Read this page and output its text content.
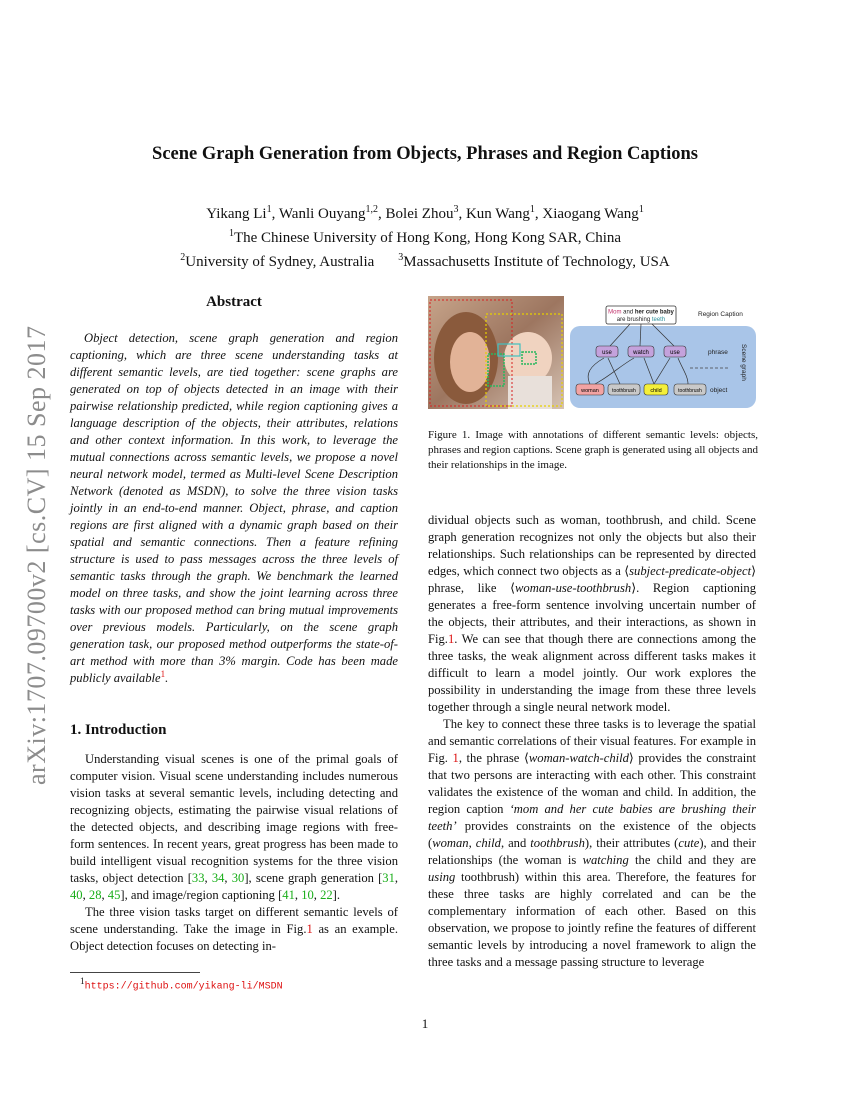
arXiv:1707.09700v2 [cs.CV] 15 Sep 2017
Scene Graph Generation from Objects, Phrases and Region Captions
Yikang Li$^1$, Wanli Ouyang$^{1,2}$, Bolei Zhou$^3$, Kun Wang$^1$, Xiaogang Wang$^1$
$^1$The Chinese University of Hong Kong, Hong Kong SAR, China
$^2$University of Sydney, Australia $^3$Massachusetts Institute of Technology, USA
Abstract

Object detection, scene graph generation and region captioning, which are three scene understanding tasks at different semantic levels, are tied together: scene graphs are generated on top of objects detected in an image with their pairwise relationship predicted, while region captioning gives a language description of the objects, their attributes, relations and other context information. In this work, to leverage the mutual connections across semantic levels, we propose a novel neural network model, termed as Multi-level Scene Description Network (denoted as MSDN), to solve the three vision tasks jointly in an end-to-end manner. Object, phrase, and caption regions are first aligned with a dynamic graph based on their spatial and semantic connections. Then a feature refining structure is used to pass messages across the three levels of semantic tasks through the graph. We benchmark the learned model on three tasks, and show the joint learning across three tasks with our proposed method can bring mutual improvements over previous models. Particularly, on the scene graph generation task, our proposed method outperforms the state-of-art method with more than 3% margin. Code has been made publicly available$^1$.

1. Introduction

Understanding visual scenes is one of the primal goals of computer vision. Visual scene understanding includes numerous vision tasks at several semantic levels, including detecting and recognizing objects, estimating the pairwise visual relations of the detected objects, and describing image regions with free-form sentences. In recent years, great progress has been made to build intelligent visual recognition systems for the three vision tasks, object detection [33, 34, 30], scene graph generation [31, 40, 28, 45], and image/region captioning [41, 10, 22].

The three vision tasks target on different semantic levels of scene understanding. Take the image in Fig.1 as an example. Object detection focuses on detecting in-

Mom and her cute baby
are brushing teeth
Region Caption
use	watch	use	phrase
woman	toothbrush	child	toothbrush object
Scene graph
Figure 1. Image with annotations of different semantic levels: objects, phrases and region captions. Scene graph is generated using all objects and their relationships in the image.

dividual objects such as woman, toothbrush, and child. Scene graph generation recognizes not only the objects but also their relationships. Such relationships can be represented by directed edges, which connect two objects as a ⟨subject-predicate-object⟩ phrase, like ⟨woman-use-toothbrush⟩. Region captioning generates a free-form sentence involving uncertain number of the objects, their attributes, and their interactions, as shown in Fig.1. We can see that though there are connections among the three tasks, the weak alignment across different tasks makes it difficult to learn a model jointly. Our work explores the possibility in understanding the image from these three levels together through a single neural network model.

The key to connect these three tasks is to leverage the spatial and semantic correlations of their visual features. For example in Fig. 1, the phrase ⟨woman-watch-child⟩ provides the constraint that two persons are interacting with each other. This constraint validates the existence of the woman and child. In addition, the region caption ‘mom and her cute babies are brushing their teeth’ provides constraints on the existence of the objects (woman, child, and toothbrush), their attributes (cute), and their relationships (the woman is watching the child and they are using toothbrush) within this area. Therefore, the features for these three tasks are highly correlated and can be the complementary information of each other. Based on this observation, we propose to jointly refine the features of different semantic levels by introducing a novel framework to align the three tasks and a message passing structure to leverage

$^1$https://github.com/yikang-li/MSDN
1
